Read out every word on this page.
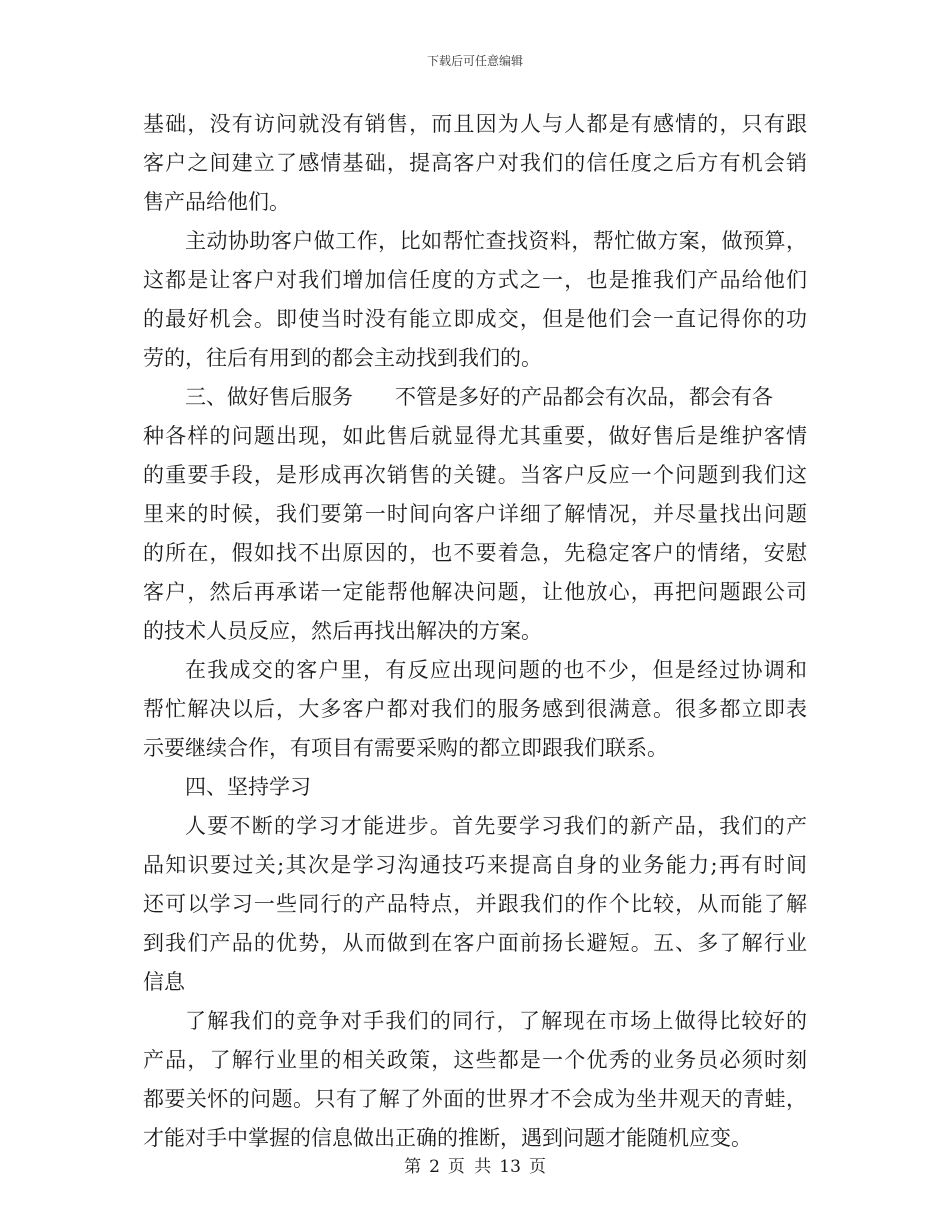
下载后可任意编辑
基础，没有访问就没有销售，而且因为人与人都是有感情的，只有跟
客户之间建立了感情基础，提高客户对我们的信任度之后方有机会销
售产品给他们。
主动协助客户做工作，比如帮忙查找资料，帮忙做方案，做预算，
这都是让客户对我们增加信任度的方式之一，也是推我们产品给他们
的最好机会。即使当时没有能立即成交，但是他们会一直记得你的功
劳的，往后有用到的都会主动找到我们的。
三、做好售后服务 不管是多好的产品都会有次品，都会有各
种各样的问题出现，如此售后就显得尤其重要，做好售后是维护客情
的重要手段，是形成再次销售的关键。当客户反应一个问题到我们这
里来的时候，我们要第一时间向客户详细了解情况，并尽量找出问题
的所在，假如找不出原因的，也不要着急，先稳定客户的情绪，安慰
客户，然后再承诺一定能帮他解决问题，让他放心，再把问题跟公司
的技术人员反应，然后再找出解决的方案。
在我成交的客户里，有反应出现问题的也不少，但是经过协调和
帮忙解决以后，大多客户都对我们的服务感到很满意。很多都立即表
示要继续合作，有项目有需要采购的都立即跟我们联系。
四、坚持学习
人要不断的学习才能进步。首先要学习我们的新产品，我们的产
品知识要过关;其次是学习沟通技巧来提高自身的业务能力;再有时间
还可以学习一些同行的产品特点，并跟我们的作个比较，从而能了解
到我们产品的优势，从而做到在客户面前扬长避短。五、多了解行业
信息
了解我们的竞争对手我们的同行，了解现在市场上做得比较好的
产品，了解行业里的相关政策，这些都是一个优秀的业务员必须时刻
都要关怀的问题。只有了解了外面的世界才不会成为坐井观天的青蛙，
才能对手中掌握的信息做出正确的推断，遇到问题才能随机应变。
第 2 页 共 13 页
